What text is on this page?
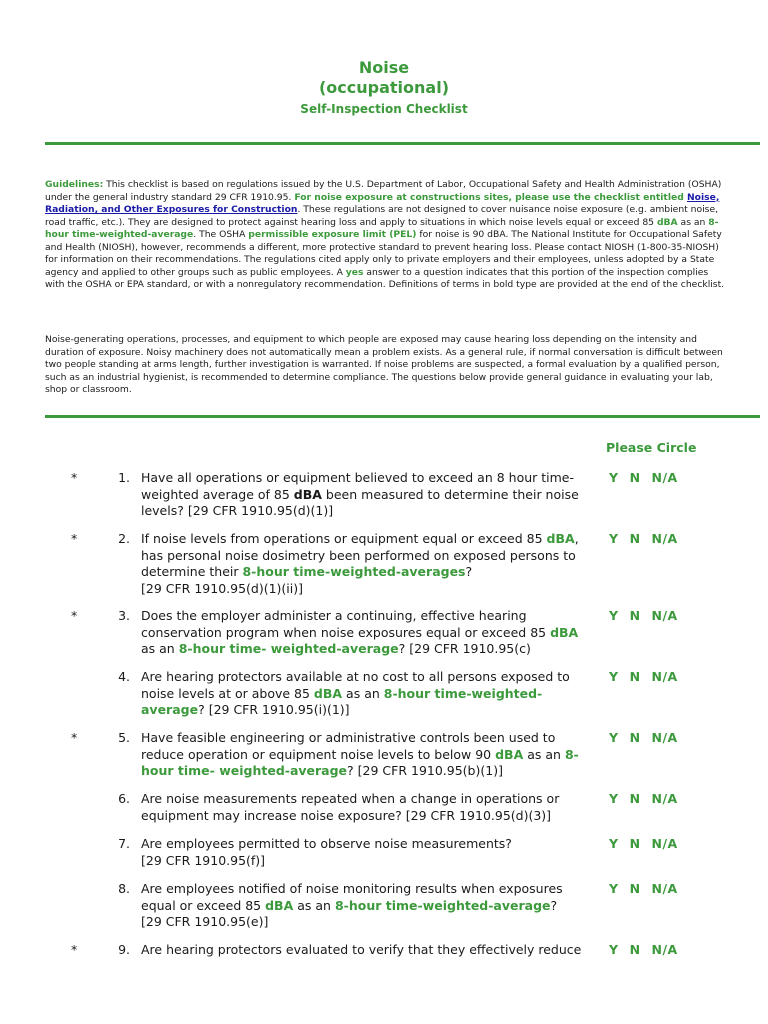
Noise
(occupational)
Self-Inspection Checklist
Guidelines: This checklist is based on regulations issued by the U.S. Department of Labor, Occupational Safety and Health Administration (OSHA) under the general industry standard 29 CFR 1910.95. For noise exposure at constructions sites, please use the checklist entitled Noise, Radiation, and Other Exposures for Construction. These regulations are not designed to cover nuisance noise exposure (e.g. ambient noise, road traffic, etc.). They are designed to protect against hearing loss and apply to situations in which noise levels equal or exceed 85 dBA as an 8-hour time-weighted-average. The OSHA permissible exposure limit (PEL) for noise is 90 dBA. The National Institute for Occupational Safety and Health (NIOSH), however, recommends a different, more protective standard to prevent hearing loss. Please contact NIOSH (1-800-35-NIOSH) for information on their recommendations. The regulations cited apply only to private employers and their employees, unless adopted by a State agency and applied to other groups such as public employees. A yes answer to a question indicates that this portion of the inspection complies with the OSHA or EPA standard, or with a nonregulatory recommendation. Definitions of terms in bold type are provided at the end of the checklist.
Noise-generating operations, processes, and equipment to which people are exposed may cause hearing loss depending on the intensity and duration of exposure. Noisy machinery does not automatically mean a problem exists. As a general rule, if normal conversation is difficult between two people standing at arms length, further investigation is warranted. If noise problems are suspected, a formal evaluation by a qualified person, such as an industrial hygienist, is recommended to determine compliance. The questions below provide general guidance in evaluating your lab, shop or classroom.
Please Circle
*	1. Have all operations or equipment believed to exceed an 8 hour time-weighted average of 85 dBA been measured to determine their noise levels? [29 CFR 1910.95(d)(1)]
Y N N/A
*	2. If noise levels from operations or equipment equal or exceed 85 dBA, has personal noise dosimetry been performed on exposed persons to determine their 8-hour time-weighted-averages?
[29 CFR 1910.95(d)(1)(ii)]
Y N N/A
*	3. Does the employer administer a continuing, effective hearing conservation program when noise exposures equal or exceed 85 dBA as an 8-hour time- weighted-average? [29 CFR 1910.95(c)
Y N N/A
4. Are hearing protectors available at no cost to all persons exposed to noise levels at or above 85 dBA as an 8-hour time-weighted-average? [29 CFR 1910.95(i)(1)]
Y N N/A
*	5. Have feasible engineering or administrative controls been used to reduce operation or equipment noise levels to below 90 dBA as an 8-hour time- weighted-average? [29 CFR 1910.95(b)(1)]
Y N N/A
6. Are noise measurements repeated when a change in operations or equipment may increase noise exposure? [29 CFR 1910.95(d)(3)]
Y N N/A
7. Are employees permitted to observe noise measurements?
[29 CFR 1910.95(f)]
Y N N/A
8. Are employees notified of noise monitoring results when exposures equal or exceed 85 dBA as an 8-hour time-weighted-average?
[29 CFR 1910.95(e)]
Y N N/A
*	9. Are hearing protectors evaluated to verify that they effectively reduce	Y N N/A
